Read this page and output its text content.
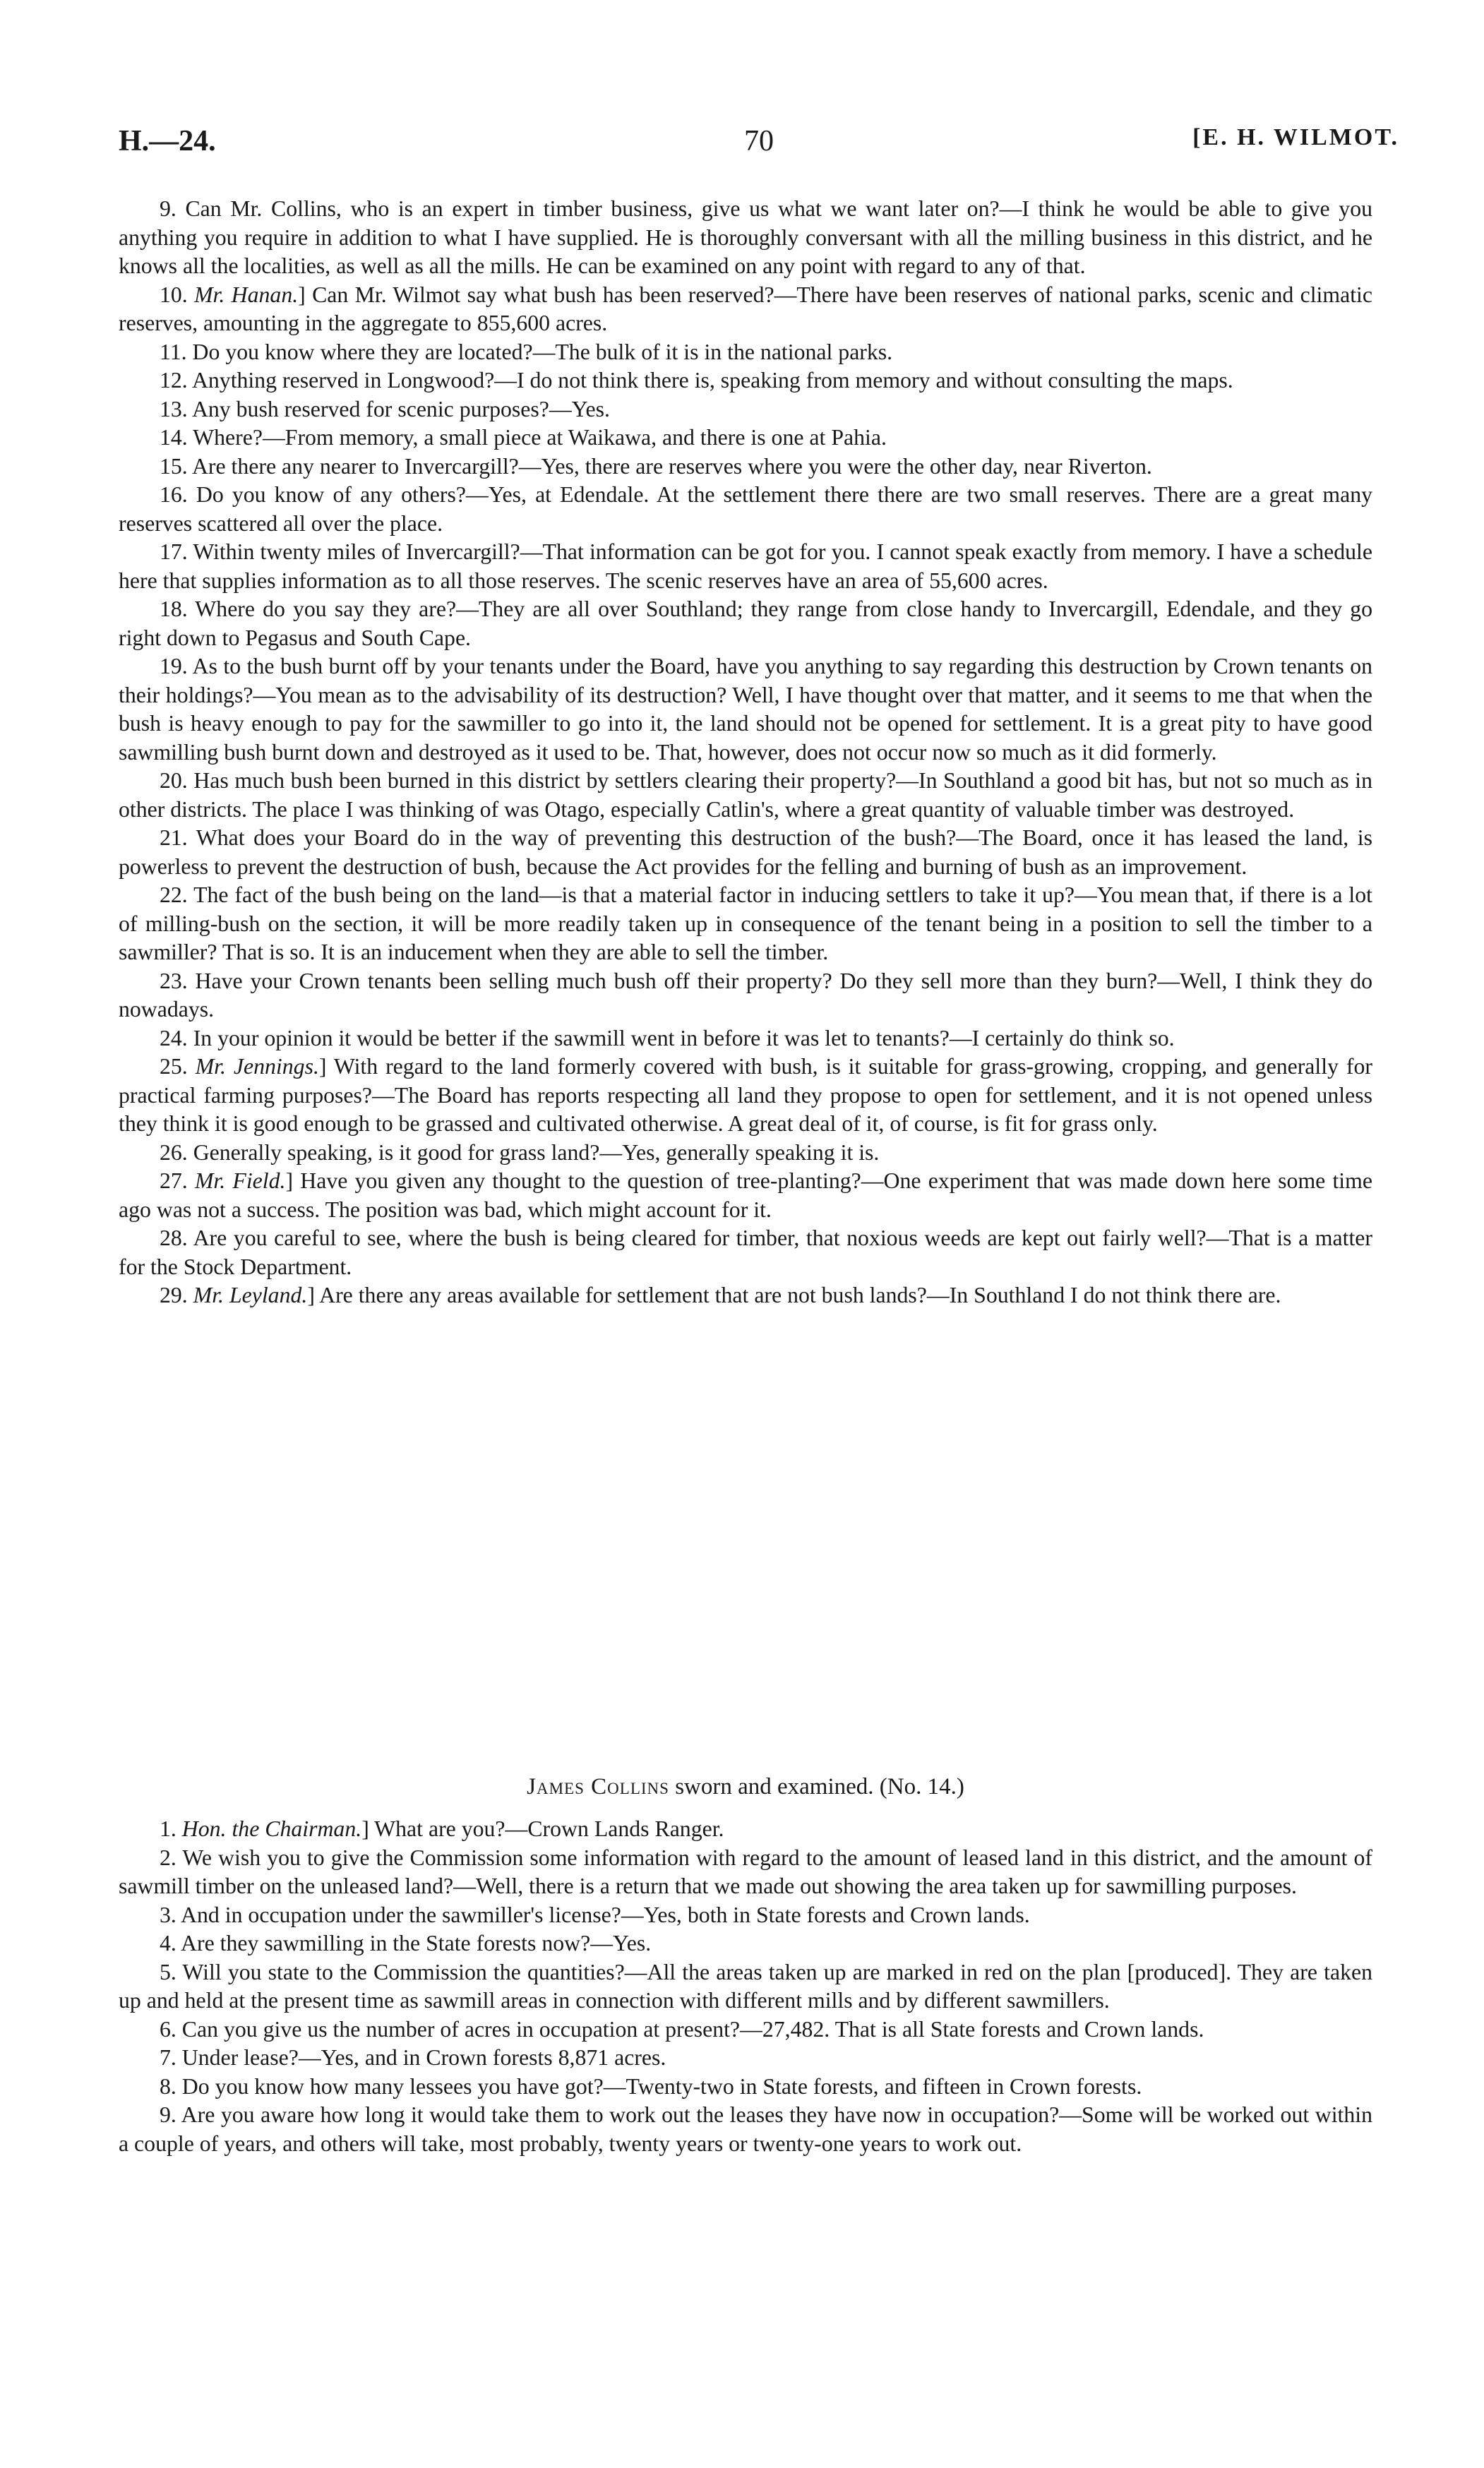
H.—24.	70	[E. H. WILMOT.

9. Can Mr. Collins, who is an expert in timber business, give us what we want later on?—I think he would be able to give you anything you require in addition to what I have supplied. He is thoroughly conversant with all the milling business in this district, and he knows all the localities, as well as all the mills. He can be examined on any point with regard to any of that.

10. Mr. Hanan.] Can Mr. Wilmot say what bush has been reserved?—There have been reserves of national parks, scenic and climatic reserves, amounting in the aggregate to 855,600 acres.

11. Do you know where they are located?—The bulk of it is in the national parks.

12. Anything reserved in Longwood?—I do not think there is, speaking from memory and without consulting the maps.

13. Any bush reserved for scenic purposes?—Yes.

14. Where?—From memory, a small piece at Waikawa, and there is one at Pahia.

15. Are there any nearer to Invercargill?—Yes, there are reserves where you were the other day, near Riverton.

16. Do you know of any others?—Yes, at Edendale. At the settlement there there are two small reserves. There are a great many reserves scattered all over the place.

17. Within twenty miles of Invercargill?—That information can be got for you. I cannot speak exactly from memory. I have a schedule here that supplies information as to all those reserves. The scenic reserves have an area of 55,600 acres.

18. Where do you say they are?—They are all over Southland; they range from close handy to Invercargill, Edendale, and they go right down to Pegasus and South Cape.

19. As to the bush burnt off by your tenants under the Board, have you anything to say regarding this destruction by Crown tenants on their holdings?—You mean as to the advisability of its destruction? Well, I have thought over that matter, and it seems to me that when the bush is heavy enough to pay for the sawmiller to go into it, the land should not be opened for settlement. It is a great pity to have good sawmilling bush burnt down and destroyed as it used to be. That, however, does not occur now so much as it did formerly.

20. Has much bush been burned in this district by settlers clearing their property?—In Southland a good bit has, but not so much as in other districts. The place I was thinking of was Otago, especially Catlin's, where a great quantity of valuable timber was destroyed.

21. What does your Board do in the way of preventing this destruction of the bush?—The Board, once it has leased the land, is powerless to prevent the destruction of bush, because the Act provides for the felling and burning of bush as an improvement.

22. The fact of the bush being on the land—is that a material factor in inducing settlers to take it up?—You mean that, if there is a lot of milling-bush on the section, it will be more readily taken up in consequence of the tenant being in a position to sell the timber to a sawmiller? That is so. It is an inducement when they are able to sell the timber.

23. Have your Crown tenants been selling much bush off their property? Do they sell more than they burn?—Well, I think they do nowadays.

24. In your opinion it would be better if the sawmill went in before it was let to tenants?—I certainly do think so.

25. Mr. Jennings.] With regard to the land formerly covered with bush, is it suitable for grass-growing, cropping, and generally for practical farming purposes?—The Board has reports respecting all land they propose to open for settlement, and it is not opened unless they think it is good enough to be grassed and cultivated otherwise. A great deal of it, of course, is fit for grass only.

26. Generally speaking, is it good for grass land?—Yes, generally speaking it is.

27. Mr. Field.] Have you given any thought to the question of tree-planting?—One experiment that was made down here some time ago was not a success. The position was bad, which might account for it.

28. Are you careful to see, where the bush is being cleared for timber, that noxious weeds are kept out fairly well?—That is a matter for the Stock Department.

29. Mr. Leyland.] Are there any areas available for settlement that are not bush lands?—In Southland I do not think there are.

James Collins sworn and examined. (No. 14.)

1. Hon. the Chairman.] What are you?—Crown Lands Ranger.

2. We wish you to give the Commission some information with regard to the amount of leased land in this district, and the amount of sawmill timber on the unleased land?—Well, there is a return that we made out showing the area taken up for sawmilling purposes.

3. And in occupation under the sawmiller's license?—Yes, both in State forests and Crown lands.

4. Are they sawmilling in the State forests now?—Yes.

5. Will you state to the Commission the quantities?—All the areas taken up are marked in red on the plan [produced]. They are taken up and held at the present time as sawmill areas in connection with different mills and by different sawmillers.

6. Can you give us the number of acres in occupation at present?—27,482. That is all State forests and Crown lands.

7. Under lease?—Yes, and in Crown forests 8,871 acres.

8. Do you know how many lessees you have got?—Twenty-two in State forests, and fifteen in Crown forests.

9. Are you aware how long it would take them to work out the leases they have now in occupation?—Some will be worked out within a couple of years, and others will take, most probably, twenty years or twenty-one years to work out.
